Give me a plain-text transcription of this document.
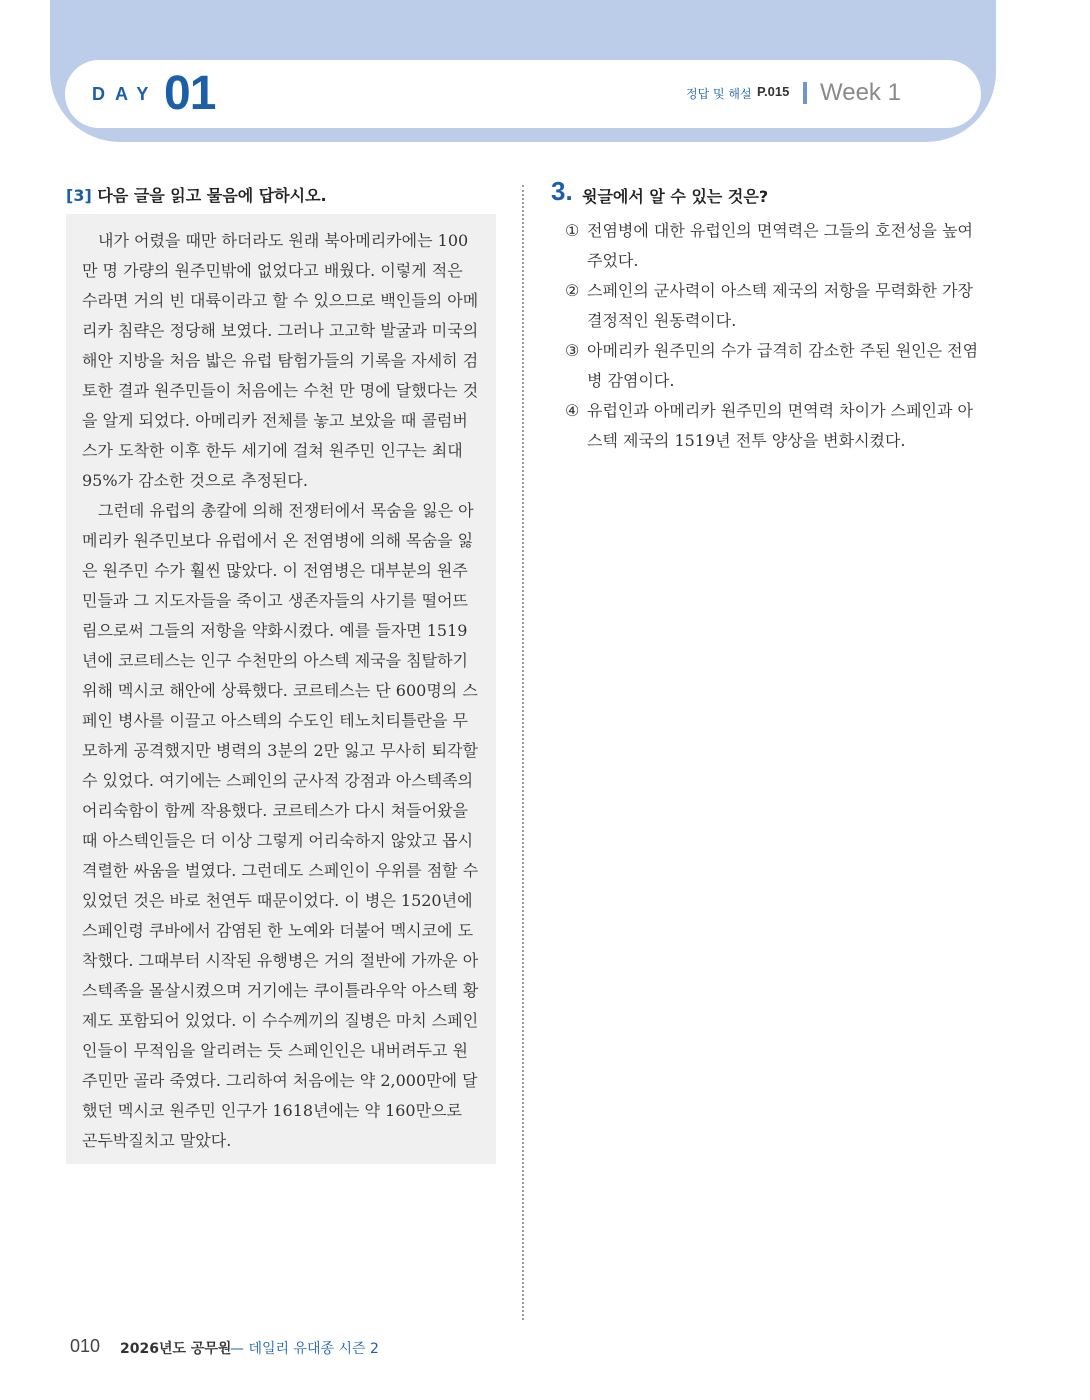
DAY 01	정답 및 해설 P.015 Week 1
[3] 다음 글을 읽고 물음에 답하시오.

내가 어렸을 때만 하더라도 원래 북아메리카에는 100만 명 가량의 원주민밖에 없었다고 배웠다. 이렇게 적은 수라면 거의 빈 대륙이라고 할 수 있으므로 백인들의 아메리카 침략은 정당해 보였다. 그러나 고고학 발굴과 미국의 해안 지방을 처음 밟은 유럽 탐험가들의 기록을 자세히 검토한 결과 원주민들이 처음에는 수천 만 명에 달했다는 것을 알게 되었다. 아메리카 전체를 놓고 보았을 때 콜럼버스가 도착한 이후 한두 세기에 걸쳐 원주민 인구는 최대 95%가 감소한 것으로 추정된다.

그런데 유럽의 총칼에 의해 전쟁터에서 목숨을 잃은 아메리카 원주민보다 유럽에서 온 전염병에 의해 목숨을 잃은 원주민 수가 훨씬 많았다. 이 전염병은 대부분의 원주민들과 그 지도자들을 죽이고 생존자들의 사기를 떨어뜨림으로써 그들의 저항을 약화시켰다. 예를 들자면 1519년에 코르테스는 인구 수천만의 아스텍 제국을 침탈하기 위해 멕시코 해안에 상륙했다. 코르테스는 단 600명의 스페인 병사를 이끌고 아스텍의 수도인 테노치티틀란을 무모하게 공격했지만 병력의 3분의 2만 잃고 무사히 퇴각할 수 있었다. 여기에는 스페인의 군사적 강점과 아스텍족의 어리숙함이 함께 작용했다. 코르테스가 다시 쳐들어왔을 때 아스텍인들은 더 이상 그렇게 어리숙하지 않았고 몹시 격렬한 싸움을 벌였다. 그런데도 스페인이 우위를 점할 수 있었던 것은 바로 천연두 때문이었다. 이 병은 1520년에 스페인령 쿠바에서 감염된 한 노예와 더불어 멕시코에 도착했다. 그때부터 시작된 유행병은 거의 절반에 가까운 아스텍족을 몰살시켰으며 거기에는 쿠이틀라우악 아스텍 황제도 포함되어 있었다. 이 수수께끼의 질병은 마치 스페인인들이 무적임을 알리려는 듯 스페인인은 내버려두고 원주민만 골라 죽였다. 그리하여 처음에는 약 2,000만에 달했던 멕시코 원주민 인구가 1618년에는 약 160만으로 곤두박질치고 말았다.

3. 윗글에서 알 수 있는 것은?
① 전염병에 대한 유럽인의 면역력은 그들의 호전성을 높여주었다.
② 스페인의 군사력이 아스텍 제국의 저항을 무력화한 가장 결정적인 원동력이다.
③ 아메리카 원주민의 수가 급격히 감소한 주된 원인은 전염병 감염이다.
④ 유럽인과 아메리카 원주민의 면역력 차이가 스페인과 아스텍 제국의 1519년 전투 양상을 변화시켰다.
010 2026년도 공무원
— 데일리 유대종 시즌 2
